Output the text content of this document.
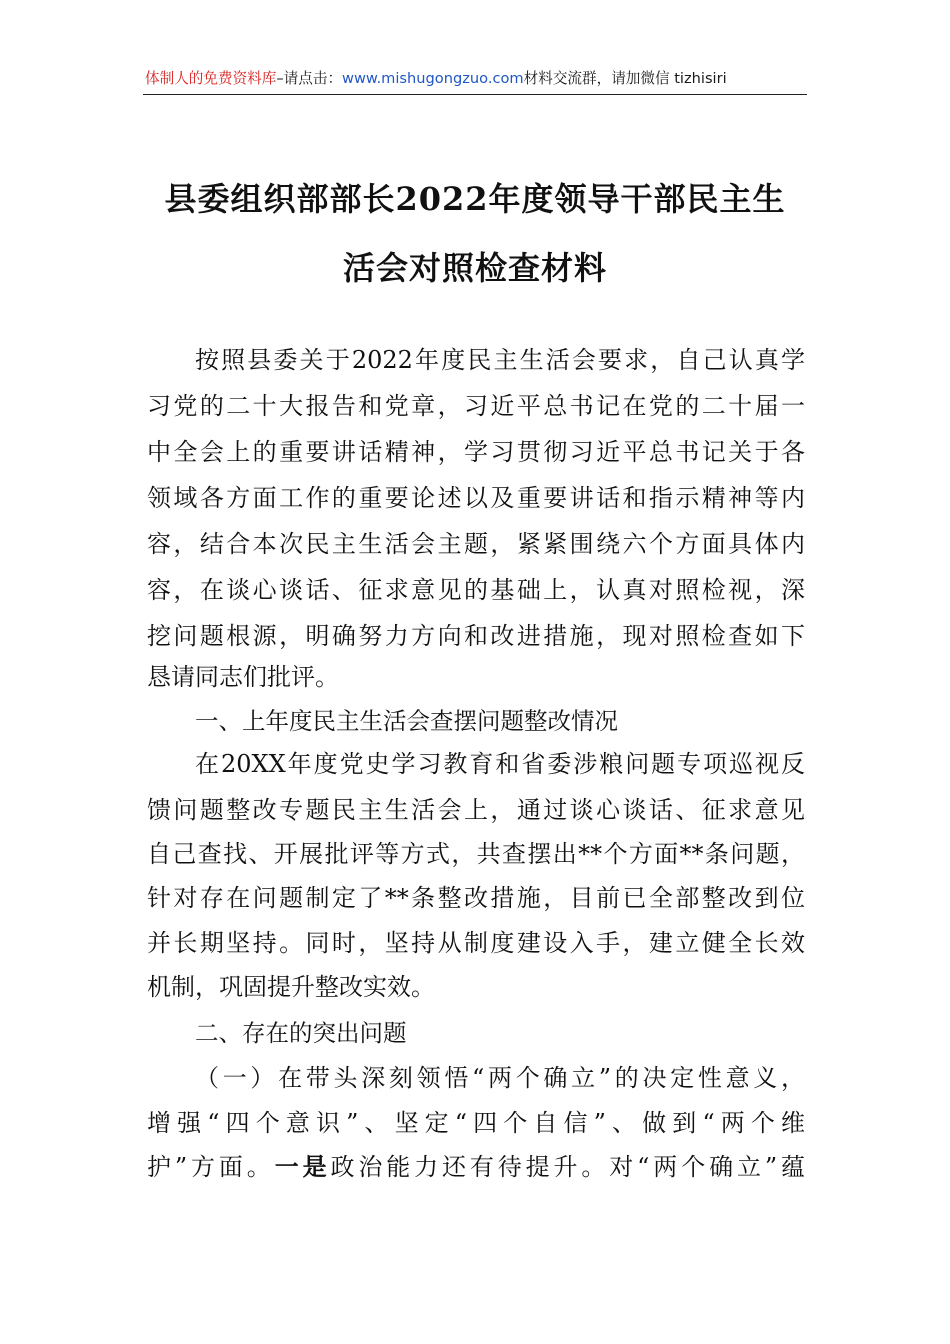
体制人的免费资料库–请点击：www.mishugongzuo.com材料交流群，请加微信 tizhisiri
县委组织部部长2022年度领导干部民主生
活会对照检查材料
按照县委关于2022年度民主生活会要求，自己认真学
习党的二十大报告和党章，习近平总书记在党的二十届一
中全会上的重要讲话精神，学习贯彻习近平总书记关于各
领域各方面工作的重要论述以及重要讲话和指示精神等内
容，结合本次民主生活会主题，紧紧围绕六个方面具体内
容，在谈心谈话、征求意见的基础上，认真对照检视，深
挖问题根源，明确努力方向和改进措施，现对照检查如下
恳请同志们批评。
一、上年度民主生活会查摆问题整改情况
在20XX年度党史学习教育和省委涉粮问题专项巡视反
馈问题整改专题民主生活会上，通过谈心谈话、征求意见
自己查找、开展批评等方式，共查摆出**个方面**条问题，
针对存在问题制定了**条整改措施，目前已全部整改到位
并长期坚持。同时，坚持从制度建设入手，建立健全长效
机制，巩固提升整改实效。
二、存在的突出问题
（一）在带头深刻领悟“两个确立”的决定性意义，
增强“四个意识”、坚定“四个自信”、做到“两个维
护”方面。一是政治能力还有待提升。对“两个确立”蕴
